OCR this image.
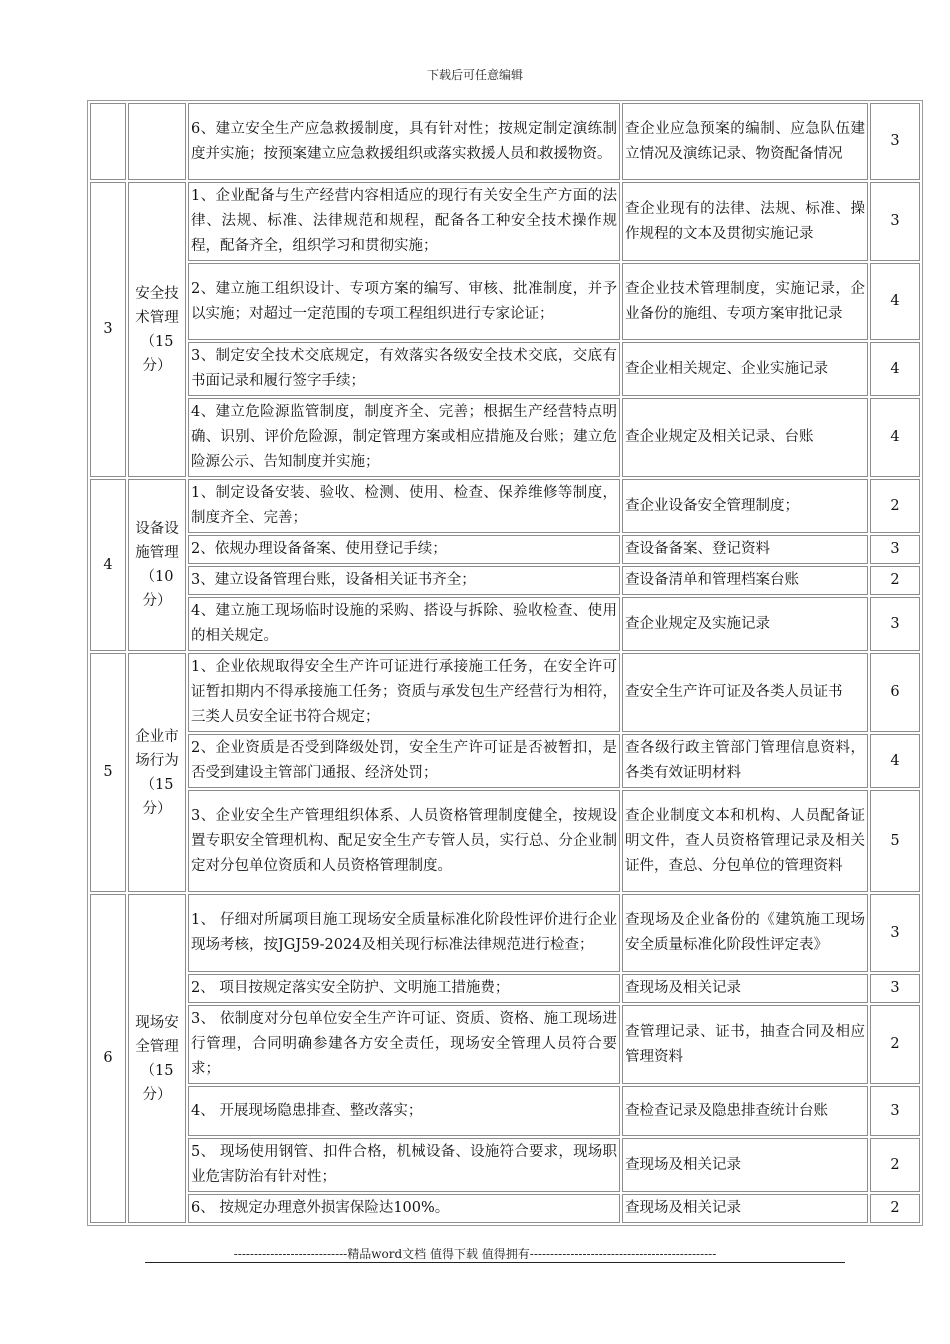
下载后可任意编辑
		6、建立安全生产应急救援制度，具有针对性；按规定制定演练制度并实施；按预案建立应急救援组织或落实救援人员和救援物资。	查企业应急预案的编制、应急队伍建立情况及演练记录、物资配备情况	3
3	安全技术管理（15分）	1、企业配备与生产经营内容相适应的现行有关安全生产方面的法律、法规、标准、法律规范和规程，配备各工种安全技术操作规程，配备齐全，组织学习和贯彻实施；	查企业现有的法律、法规、标准、操作规程的文本及贯彻实施记录	3
		2、建立施工组织设计、专项方案的编写、审核、批准制度，并予以实施；对超过一定范围的专项工程组织进行专家论证；	查企业技术管理制度，实施记录，企业备份的施组、专项方案审批记录	4
		3、制定安全技术交底规定，有效落实各级安全技术交底，交底有书面记录和履行签字手续；	查企业相关规定、企业实施记录	4
		4、建立危险源监管制度，制度齐全、完善；根据生产经营特点明确、识别、评价危险源，制定管理方案或相应措施及台账；建立危险源公示、告知制度并实施；	查企业规定及相关记录、台账	4
4	设备设施管理（10分）	1、制定设备安装、验收、检测、使用、检查、保养维修等制度，制度齐全、完善；	查企业设备安全管理制度；	2
		2、依规办理设备备案、使用登记手续；	查设备备案、登记资料	3
		3、建立设备管理台账，设备相关证书齐全；	查设备清单和管理档案台账	2
		4、建立施工现场临时设施的采购、搭设与拆除、验收检查、使用的相关规定。	查企业规定及实施记录	3
5	企业市场行为（15分）	1、企业依规取得安全生产许可证进行承接施工任务，在安全许可证暂扣期内不得承接施工任务；资质与承发包生产经营行为相符，三类人员安全证书符合规定；	查安全生产许可证及各类人员证书	6
		2、企业资质是否受到降级处罚，安全生产许可证是否被暂扣，是否受到建设主管部门通报、经济处罚；	查各级行政主管部门管理信息资料，各类有效证明材料	4
		3、企业安全生产管理组织体系、人员资格管理制度健全，按规设置专职安全管理机构、配足安全生产专管人员，实行总、分企业制定对分包单位资质和人员资格管理制度。	查企业制度文本和机构、人员配备证明文件，查人员资格管理记录及相关证件，查总、分包单位的管理资料	5
6	现场安全管理（15分）	1、 仔细对所属项目施工现场安全质量标准化阶段性评价进行企业现场考核，按JGJ59-2024及相关现行标准法律规范进行检查；	查现场及企业备份的《建筑施工现场安全质量标准化阶段性评定表》	3
		2、 项目按规定落实安全防护、文明施工措施费；	查现场及相关记录	3
		3、 依制度对分包单位安全生产许可证、资质、资格、施工现场进行管理，合同明确参建各方安全责任，现场安全管理人员符合要求；	查管理记录、证书，抽查合同及相应管理资料	2
		4、 开展现场隐患排查、整改落实；	查检查记录及隐患排查统计台账	3
		5、 现场使用钢管、扣件合格，机械设备、设施符合要求，现场职业危害防治有针对性；	查现场及相关记录	2
		6、 按规定办理意外损害保险达100%。	查现场及相关记录	2
----------------------------精品word文档 值得下载 值得拥有----------------------------------------------
